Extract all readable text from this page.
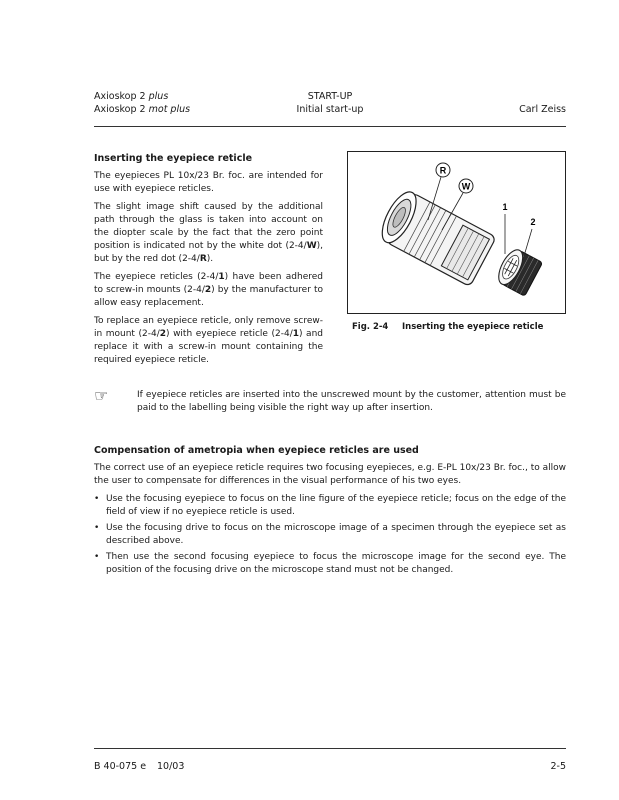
Axioskop 2 plus
Axioskop 2 mot plus
START-UP
Initial start-up	Carl Zeiss

Inserting the eyepiece reticle

The eyepieces PL 10x/23 Br. foc. are intended for use with eyepiece reticles.

The slight image shift caused by the additional path through the glass is taken into account on the diopter scale by the fact that the zero point position is indicated not by the white dot (2-4/W), but by the red dot (2-4/R).

The eyepiece reticles (2-4/1) have been adhered to screw-in mounts (2-4/2) by the manufacturer to allow easy replacement.

To replace an eyepiece reticle, only remove screw-in mount (2-4/2) with eyepiece reticle (2-4/1) and replace it with a screw-in mount containing the required eyepiece reticle.

R
W
1
2
Fig. 2-4 Inserting the eyepiece reticle
☞	If eyepiece reticles are inserted into the unscrewed mount by the customer, attention must be paid to the labelling being visible the right way up after insertion.

Compensation of ametropia when eyepiece reticles are used

The correct use of an eyepiece reticle requires two focusing eyepieces, e.g. E-PL 10x/23 Br. foc., to allow the user to compensate for differences in the visual performance of his two eyes.

• Use the focusing eyepiece to focus on the line figure of the eyepiece reticle; focus on the edge of the field of view if no eyepiece reticle is used.
• Use the focusing drive to focus on the microscope image of a specimen through the eyepiece set as described above.
• Then use the second focusing eyepiece to focus the microscope image for the second eye. The position of the focusing drive on the microscope stand must not be changed.
B 40-075 e 10/03	2-5
